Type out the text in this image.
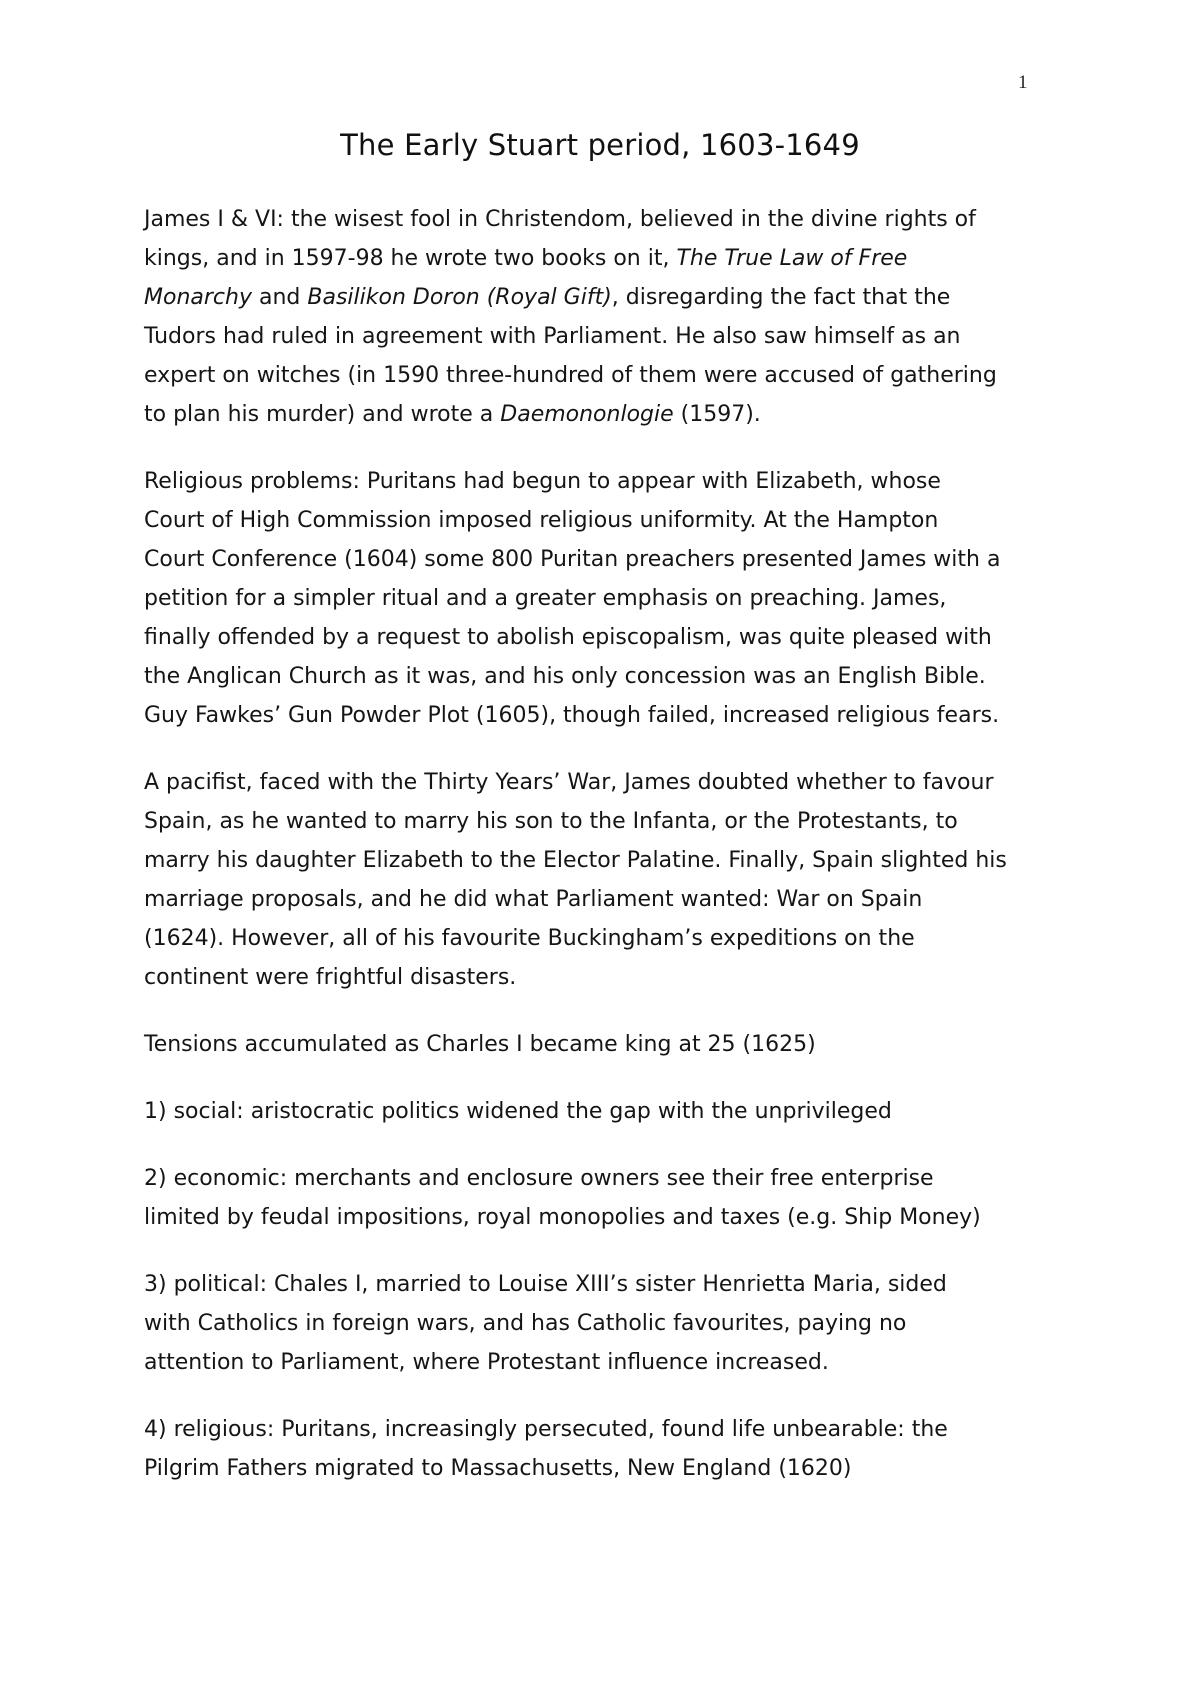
1
The Early Stuart period, 1603-1649

James I & VI: the wisest fool in Christendom, believed in the divine rights of
kings, and in 1597-98 he wrote two books on it, The True Law of Free
Monarchy and Basilikon Doron (Royal Gift), disregarding the fact that the
Tudors had ruled in agreement with Parliament. He also saw himself as an
expert on witches (in 1590 three-hundred of them were accused of gathering
to plan his murder) and wrote a Daemononlogie (1597).

Religious problems: Puritans had begun to appear with Elizabeth, whose
Court of High Commission imposed religious uniformity. At the Hampton
Court Conference (1604) some 800 Puritan preachers presented James with a
petition for a simpler ritual and a greater emphasis on preaching. James,
finally offended by a request to abolish episcopalism, was quite pleased with
the Anglican Church as it was, and his only concession was an English Bible.
Guy Fawkes’ Gun Powder Plot (1605), though failed, increased religious fears.

A pacifist, faced with the Thirty Years’ War, James doubted whether to favour
Spain, as he wanted to marry his son to the Infanta, or the Protestants, to
marry his daughter Elizabeth to the Elector Palatine. Finally, Spain slighted his
marriage proposals, and he did what Parliament wanted: War on Spain
(1624). However, all of his favourite Buckingham’s expeditions on the
continent were frightful disasters.

Tensions accumulated as Charles I became king at 25 (1625)

1) social: aristocratic politics widened the gap with the unprivileged

2) economic: merchants and enclosure owners see their free enterprise
limited by feudal impositions, royal monopolies and taxes (e.g. Ship Money)

3) political: Chales I, married to Louise XIII’s sister Henrietta Maria, sided
with Catholics in foreign wars, and has Catholic favourites, paying no
attention to Parliament, where Protestant influence increased.

4) religious: Puritans, increasingly persecuted, found life unbearable: the
Pilgrim Fathers migrated to Massachusetts, New England (1620)
